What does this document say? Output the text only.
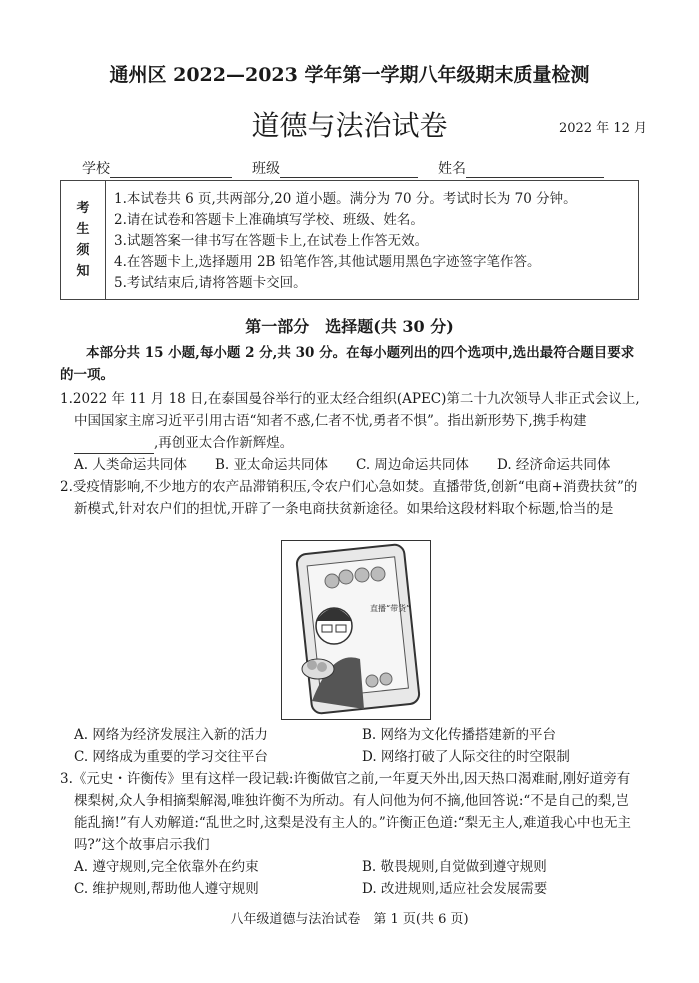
通州区 2022—2023 学年第一学期八年级期末质量检测
道德与法治试卷	2022 年 12 月
学校	班级	姓名
考
生
须
知
1.本试卷共 6 页,共两部分,20 道小题。满分为 70 分。考试时长为 70 分钟。
2.请在试卷和答题卡上准确填写学校、班级、姓名。
3.试题答案一律书写在答题卡上,在试卷上作答无效。
4.在答题卡上,选择题用 2B 铅笔作答,其他试题用黑色字迹签字笔作答。
5.考试结束后,请将答题卡交回。
第一部分　选择题(共 30 分)
本部分共 15 小题,每小题 2 分,共 30 分。在每小题列出的四个选项中,选出最符合题目要求的一项。
1.2022 年 11 月 18 日,在泰国曼谷举行的亚太经合组织(APEC)第二十九次领导人非正式会议上,中国国家主席习近平引用古语“知者不惑,仁者不忧,勇者不惧”。指出新形势下,携手构建
,再创亚太合作新辉煌。
A. 人类命运共同体	B. 亚太命运共同体	C. 周边命运共同体	D. 经济命运共同体
2.受疫情影响,不少地方的农产品滞销积压,令农户们心急如焚。直播带货,创新“电商+消费扶贫”的新模式,针对农户们的担忧,开辟了一条电商扶贫新途径。如果给这段材料取个标题,恰当的是
直播“带货”
A. 网络为经济发展注入新的活力	B. 网络为文化传播搭建新的平台
C. 网络成为重要的学习交往平台	D. 网络打破了人际交往的时空限制
3.《元史・许衡传》里有这样一段记载:许衡做官之前,一年夏天外出,因天热口渴难耐,刚好道旁有棵梨树,众人争相摘梨解渴,唯独许衡不为所动。有人问他为何不摘,他回答说:“不是自己的梨,岂能乱摘!”有人劝解道:“乱世之时,这梨是没有主人的。”许衡正色道:“梨无主人,难道我心中也无主吗?”这个故事启示我们
A. 遵守规则,完全依靠外在约束	B. 敬畏规则,自觉做到遵守规则
C. 维护规则,帮助他人遵守规则	D. 改进规则,适应社会发展需要
八年级道德与法治试卷　第 1 页(共 6 页)
